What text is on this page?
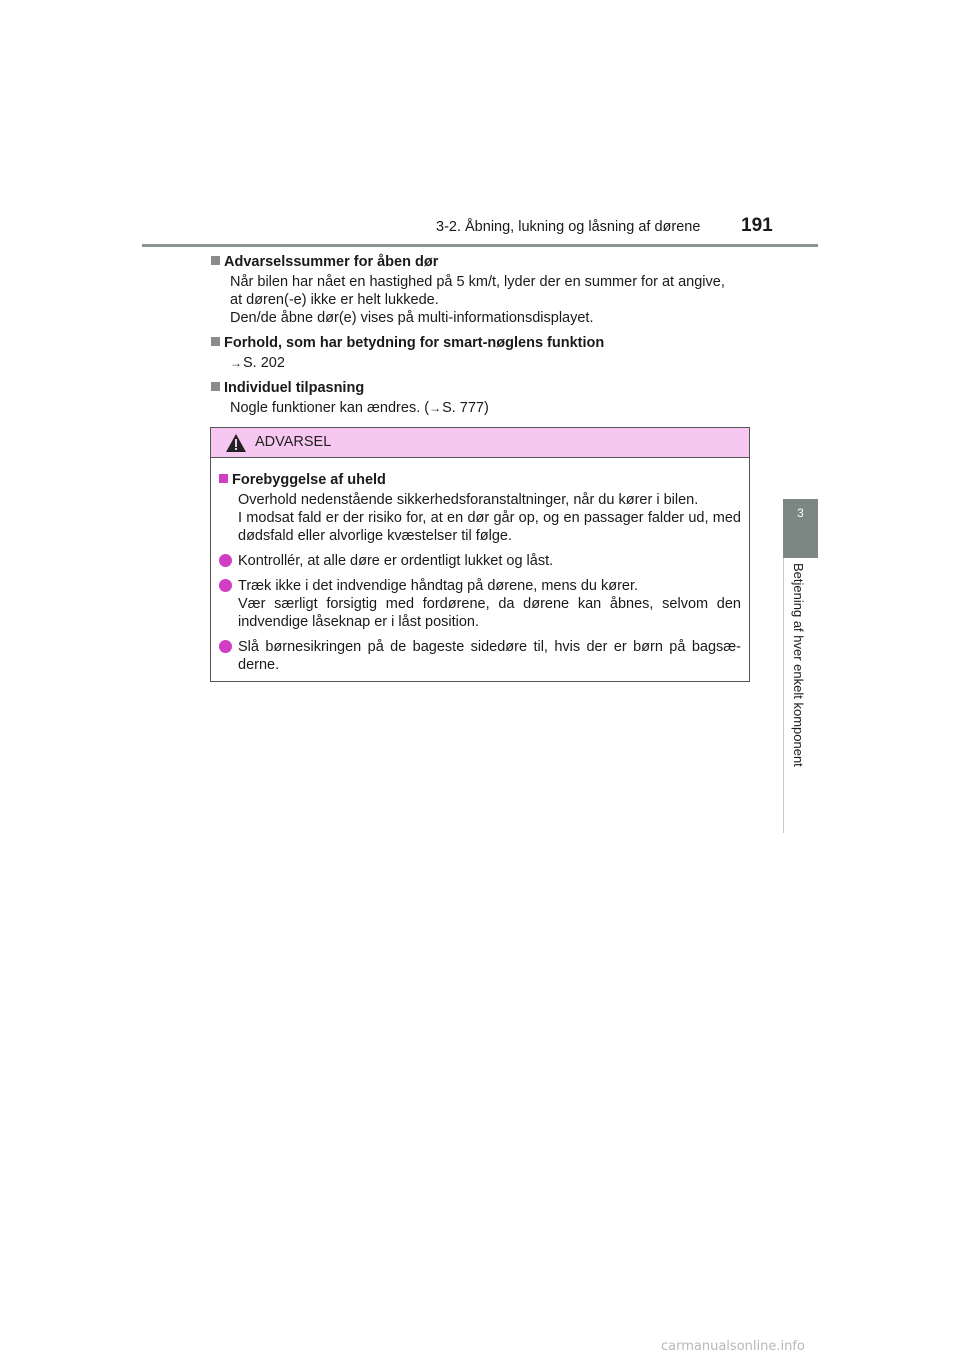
3-2. Åbning, lukning og låsning af dørene 191
3
Betjening af hver enkelt komponent
Advarselssummer for åben dør
Når bilen har nået en hastighed på 5 km/t, lyder der en summer for at angive,
at døren(-e) ikke er helt lukkede.
Den/de åbne dør(e) vises på multi-informationsdisplayet.
Forhold, som har betydning for smart-nøglens funktion
→S. 202
Individuel tilpasning
Nogle funktioner kan ændres. (→S. 777)
ADVARSEL
Forebyggelse af uheld
Overhold nedenstående sikkerhedsforanstaltninger, når du kører i bilen.
I modsat fald er der risiko for, at en dør går op, og en passager falder ud, med dødsfald eller alvorlige kvæstelser til følge.
Kontrollér, at alle døre er ordentligt lukket og låst.
Træk ikke i det indvendige håndtag på dørene, mens du kører.
Vær særligt forsigtig med fordørene, da dørene kan åbnes, selvom den indvendige låseknap er i låst position.
Slå børnesikringen på de bageste sidedøre til, hvis der er børn på bagsæ-derne.
carmanualsonline.info
